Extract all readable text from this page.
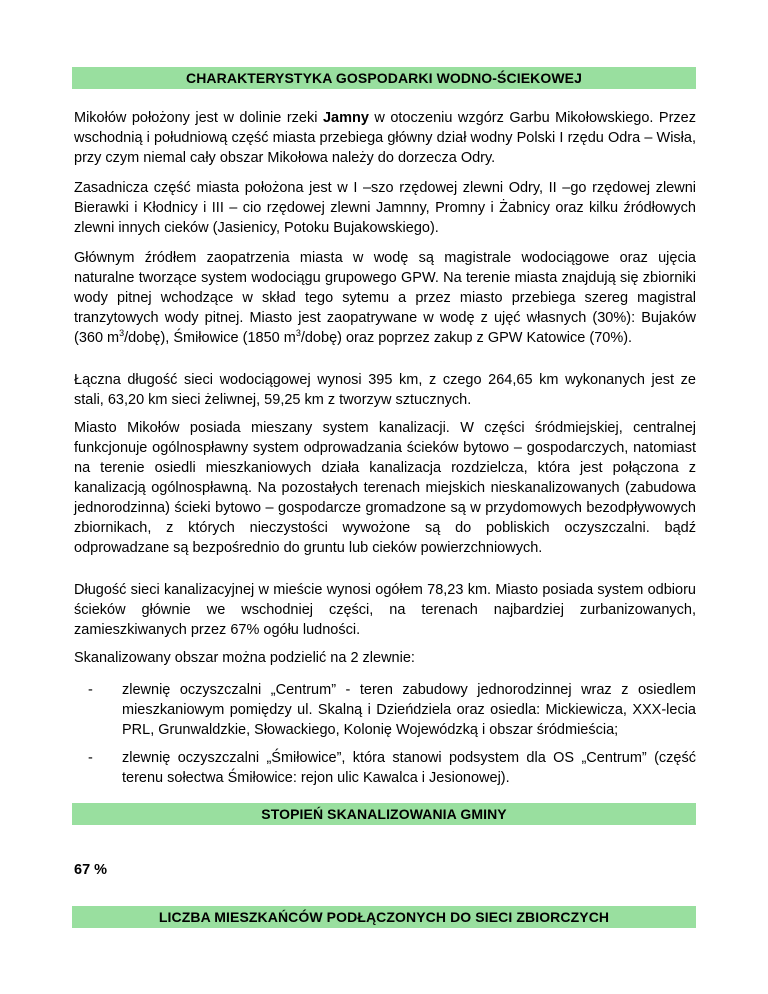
CHARAKTERYSTYKA GOSPODARKI WODNO-ŚCIEKOWEJ

Mikołów położony jest w dolinie rzeki Jamny w otoczeniu wzgórz Garbu Mikołowskiego. Przez wschodnią i południową część miasta przebiega główny dział wodny Polski I rzędu Odra – Wisła, przy czym niemal cały obszar Mikołowa należy do dorzecza Odry.

Zasadnicza część miasta położona jest w I –szo rzędowej zlewni Odry, II –go rzędowej zlewni Bierawki i Kłodnicy i III – cio rzędowej zlewni Jamnny, Promny i Żabnicy oraz kilku źródłowych zlewni innych cieków (Jasienicy, Potoku Bujakowskiego).

Głównym źródłem zaopatrzenia miasta w wodę są magistrale wodociągowe oraz ujęcia naturalne tworzące system wodociągu grupowego GPW. Na terenie miasta znajdują się zbiorniki wody pitnej wchodzące w skład tego sytemu a przez miasto przebiega szereg magistral tranzytowych wody pitnej. Miasto jest zaopatrywane w wodę z ujęć własnych (30%): Bujaków (360 $m^3/dobę$), Śmiłowice (1850 $m^3/dobę$) oraz poprzez zakup z GPW Katowice (70%).

Łączna długość sieci wodociągowej wynosi 395 km, z czego 264,65 km wykonanych jest ze stali, 63,20 km sieci żeliwnej, 59,25 km z tworzyw sztucznych.

Miasto Mikołów posiada mieszany system kanalizacji. W części śródmiejskiej, centralnej funkcjonuje ogólnospławny system odprowadzania ścieków bytowo – gospodarczych, natomiast na terenie osiedli mieszkaniowych działa kanalizacja rozdzielcza, która jest połączona z kanalizacją ogólnospławną. Na pozostałych terenach miejskich nieskanalizowanych (zabudowa jednorodzinna) ścieki bytowo – gospodarcze gromadzone są w przydomowych bezodpływowych zbiornikach, z których nieczystości wywożone są do pobliskich oczyszczalni. bądź odprowadzane są bezpośrednio do gruntu lub cieków powierzchniowych.

Długość sieci kanalizacyjnej w mieście wynosi ogółem 78,23 km. Miasto posiada system odbioru ścieków głównie we wschodniej części, na terenach najbardziej zurbanizowanych, zamieszkiwanych przez 67% ogółu ludności.

Skanalizowany obszar można podzielić na 2 zlewnie:

- zlewnię oczyszczalni „Centrum” - teren zabudowy jednorodzinnej wraz z osiedlem mieszkaniowym pomiędzy ul. Skalną i Dzieńdziela oraz osiedla: Mickiewicza, XXX-lecia PRL, Grunwaldzkie, Słowackiego, Kolonię Wojewódzką i obszar śródmieścia;
- zlewnię oczyszczalni „Śmiłowice”, która stanowi podsystem dla OS „Centrum” (część terenu sołectwa Śmiłowice: rejon ulic Kawalca i Jesionowej).
STOPIEŃ SKANALIZOWANIA GMINY

67 %

LICZBA MIESZKAŃCÓW PODŁĄCZONYCH DO SIECI ZBIORCZYCH
